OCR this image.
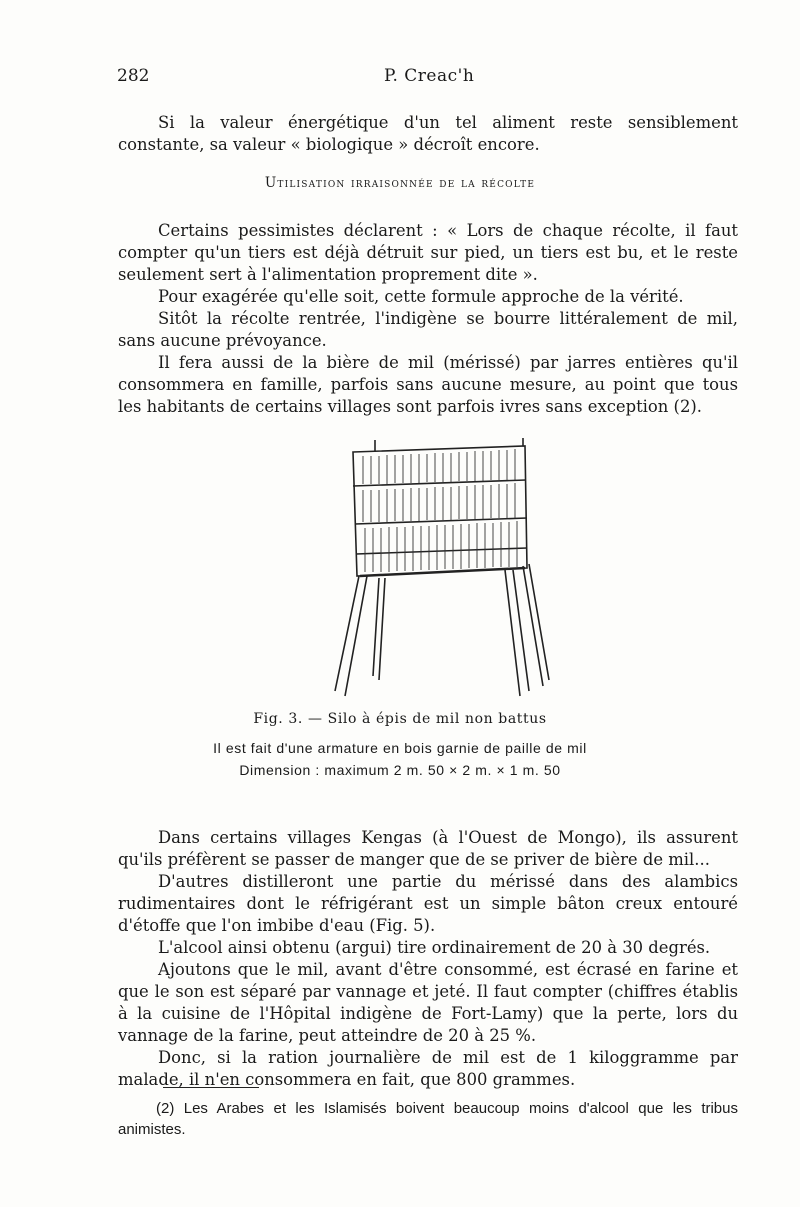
282	P. Creac'h

Si la valeur énergétique d'un tel aliment reste sensiblement constante, sa valeur « biologique » décroît encore.

Utilisation irraisonnée de la récolte

Certains pessimistes déclarent : « Lors de chaque récolte, il faut compter qu'un tiers est déjà détruit sur pied, un tiers est bu, et le reste seulement sert à l'alimentation proprement dite ».

Pour exagérée qu'elle soit, cette formule approche de la vérité.

Sitôt la récolte rentrée, l'indigène se bourre littéralement de mil, sans aucune prévoyance.

Il fera aussi de la bière de mil (mérissé) par jarres entières qu'il consommera en famille, parfois sans aucune mesure, au point que tous les habitants de certains villages sont parfois ivres sans exception (2).

Fig. 3. — Silo à épis de mil non battus
Il est fait d'une armature en bois garnie de paille de mil
Dimension : maximum 2 m. 50 × 2 m. × 1 m. 50

Dans certains villages Kengas (à l'Ouest de Mongo), ils assurent qu'ils préfèrent se passer de manger que de se priver de bière de mil...

D'autres distilleront une partie du mérissé dans des alambics rudimentaires dont le réfrigérant est un simple bâton creux entouré d'étoffe que l'on imbibe d'eau (Fig. 5).

L'alcool ainsi obtenu (argui) tire ordinairement de 20 à 30 degrés.

Ajoutons que le mil, avant d'être consommé, est écrasé en farine et que le son est séparé par vannage et jeté. Il faut compter (chiffres établis à la cuisine de l'Hôpital indigène de Fort-Lamy) que la perte, lors du vannage de la farine, peut atteindre de 20 à 25 %.

Donc, si la ration journalière de mil est de 1 kiloggramme par malade, il n'en consommera en fait, que 800 grammes.

(2) Les Arabes et les Islamisés boivent beaucoup moins d'alcool que les tribus animistes.
